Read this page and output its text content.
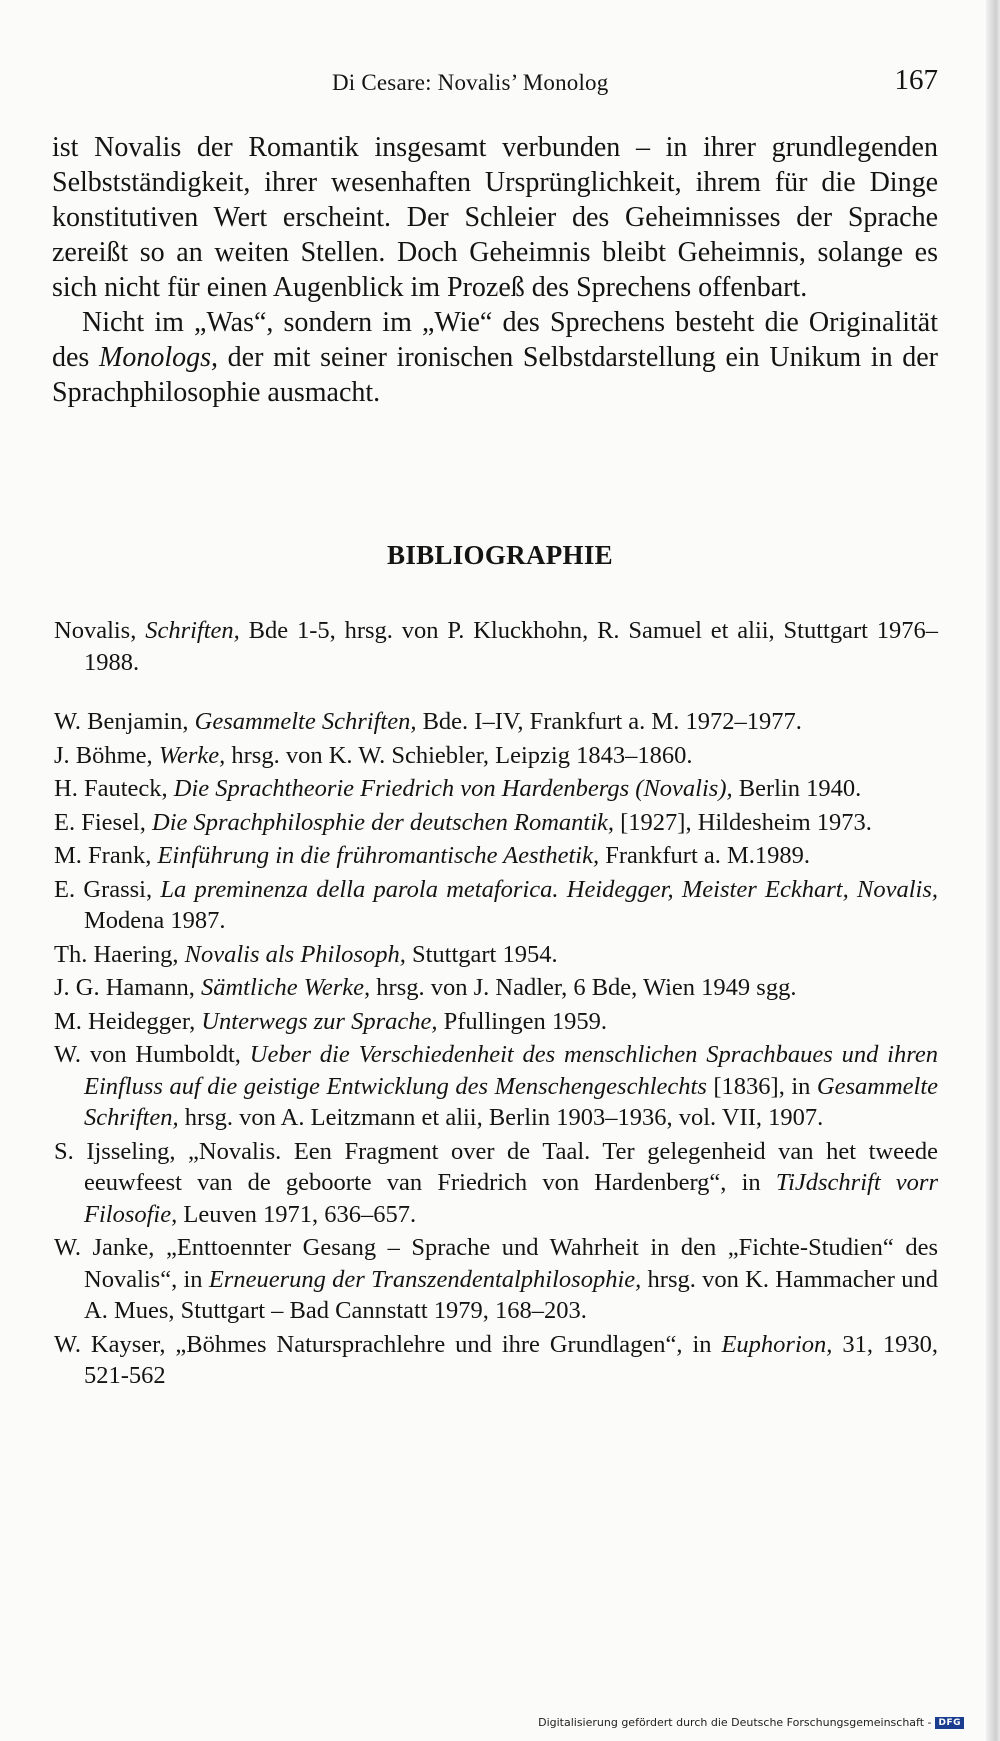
Di Cesare: Novalis’ Monolog	167

ist Novalis der Romantik insgesamt verbunden – in ihrer grundlegenden Selbstständigkeit, ihrer wesenhaften Ursprünglichkeit, ihrem für die Dinge konstitutiven Wert erscheint. Der Schleier des Geheimnisses der Sprache zereißt so an weiten Stellen. Doch Geheimnis bleibt Geheimnis, solange es sich nicht für einen Augenblick im Prozeß des Sprechens offenbart.

Nicht im „Was“, sondern im „Wie“ des Sprechens besteht die Originalität des Monologs, der mit seiner ironischen Selbstdarstellung ein Unikum in der Sprachphilosophie ausmacht.

BIBLIOGRAPHIE

Novalis, Schriften, Bde 1-5, hrsg. von P. Kluckhohn, R. Samuel et alii, Stuttgart 1976–1988.

W. Benjamin, Gesammelte Schriften, Bde. I–IV, Frankfurt a. M. 1972–1977.

J. Böhme, Werke, hrsg. von K. W. Schiebler, Leipzig 1843–1860.

H. Fauteck, Die Sprachtheorie Friedrich von Hardenbergs (Novalis), Berlin 1940.

E. Fiesel, Die Sprachphilosphie der deutschen Romantik, [1927], Hildesheim 1973.

M. Frank, Einführung in die frühromantische Aesthetik, Frankfurt a. M.1989.

E. Grassi, La preminenza della parola metaforica. Heidegger, Meister Eckhart, Novalis, Modena 1987.

Th. Haering, Novalis als Philosoph, Stuttgart 1954.

J. G. Hamann, Sämtliche Werke, hrsg. von J. Nadler, 6 Bde, Wien 1949 sgg.

M. Heidegger, Unterwegs zur Sprache, Pfullingen 1959.

W. von Humboldt, Ueber die Verschiedenheit des menschlichen Sprachbaues und ihren Einfluss auf die geistige Entwicklung des Menschengeschlechts [1836], in Gesammelte Schriften, hrsg. von A. Leitzmann et alii, Berlin 1903–1936, vol. VII, 1907.

S. Ijsseling, „Novalis. Een Fragment over de Taal. Ter gelegenheid van het tweede eeuwfeest van de geboorte van Friedrich von Hardenberg“, in TiJdschrift vorr Filosofie, Leuven 1971, 636–657.

W. Janke, „Enttoennter Gesang – Sprache und Wahrheit in den „Fichte-Studien“ des Novalis“, in Erneuerung der Transzendentalphilosophie, hrsg. von K. Hammacher und A. Mues, Stuttgart – Bad Cannstatt 1979, 168–203.

W. Kayser, „Böhmes Natursprachlehre und ihre Grundlagen“, in Euphorion, 31, 1930, 521-562

Digitalisierung gefördert durch die Deutsche Forschungsgemeinschaft - DFG
